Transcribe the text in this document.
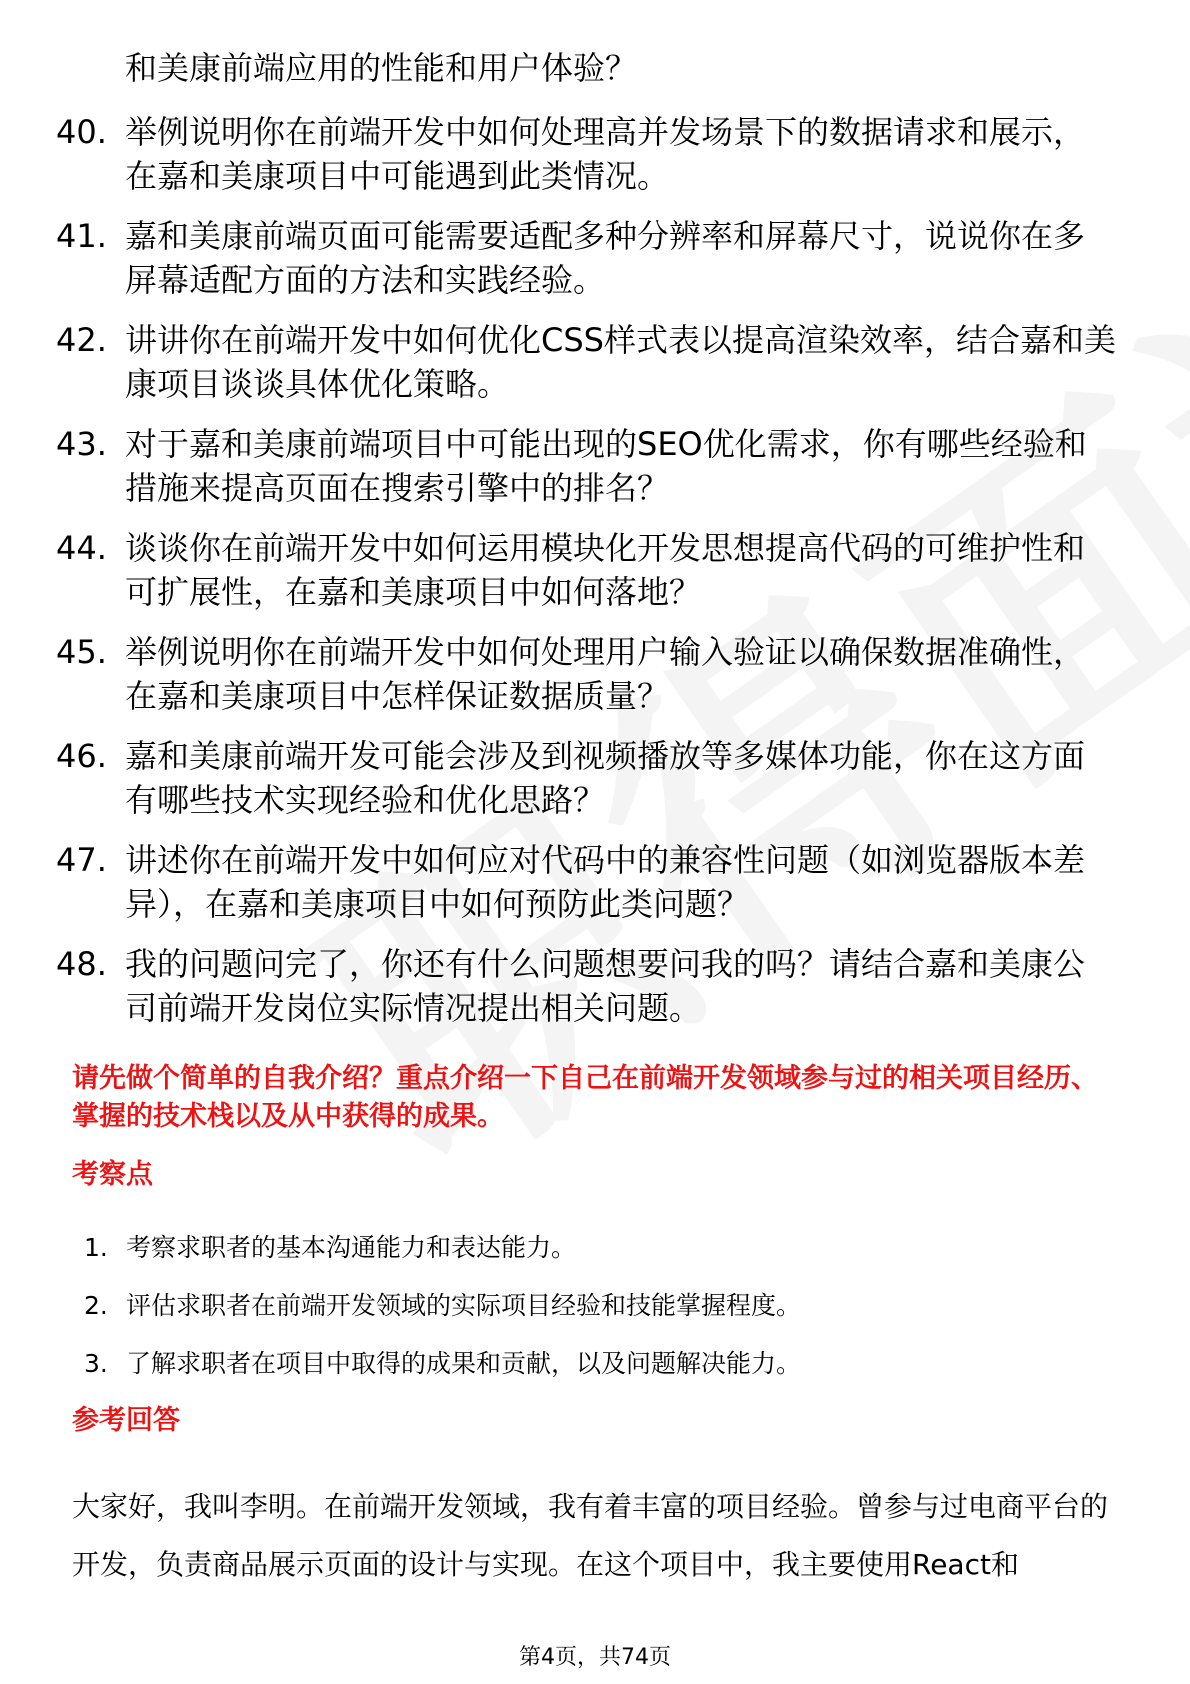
和美康前端应用的性能和用户体验？

40. 举例说明你在前端开发中如何处理高并发场景下的数据请求和展示，在嘉和美康项目中可能遇到此类情况。
41. 嘉和美康前端页面可能需要适配多种分辨率和屏幕尺寸，说说你在多屏幕适配方面的方法和实践经验。
42. 讲讲你在前端开发中如何优化CSS样式表以提高渲染效率，结合嘉和美康项目谈谈具体优化策略。
43. 对于嘉和美康前端项目中可能出现的SEO优化需求，你有哪些经验和措施来提高页面在搜索引擎中的排名？
44. 谈谈你在前端开发中如何运用模块化开发思想提高代码的可维护性和可扩展性，在嘉和美康项目中如何落地？
45. 举例说明你在前端开发中如何处理用户输入验证以确保数据准确性，在嘉和美康项目中怎样保证数据质量？
46. 嘉和美康前端开发可能会涉及到视频播放等多媒体功能，你在这方面有哪些技术实现经验和优化思路？
47. 讲述你在前端开发中如何应对代码中的兼容性问题（如浏览器版本差异），在嘉和美康项目中如何预防此类问题？
48. 我的问题问完了，你还有什么问题想要问我的吗？请结合嘉和美康公司前端开发岗位实际情况提出相关问题。

请先做个简单的自我介绍？重点介绍一下自己在前端开发领域参与过的相关项目经历、掌握的技术栈以及从中获得的成果。

考察点

1. 考察求职者的基本沟通能力和表达能力。
2. 评估求职者在前端开发领域的实际项目经验和技能掌握程度。
3. 了解求职者在项目中取得的成果和贡献，以及问题解决能力。

参考回答

大家好，我叫李明。在前端开发领域，我有着丰富的项目经验。曾参与过电商平台的开发，负责商品展示页面的设计与实现。在这个项目中，我主要使用React和

第4页，共74页
